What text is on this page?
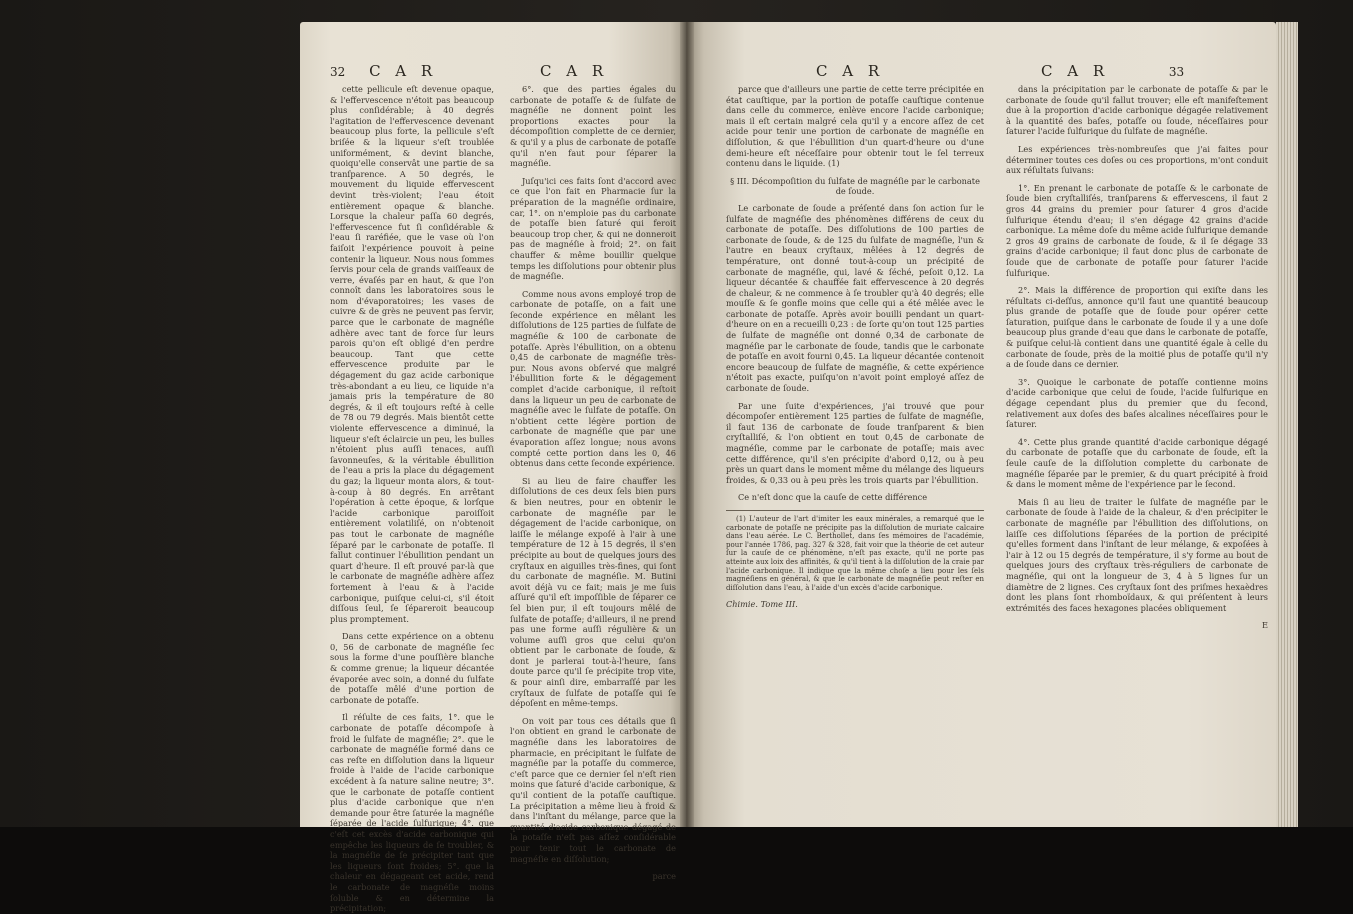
32 C A R	C A R

cette pellicule eſt devenue opaque, & l'effervescence n'étoit pas beaucoup plus conſidérable; à 40 degrés l'agitation de l'effervescence devenant beaucoup plus forte, la pellicule s'eſt briſée & la liqueur s'eſt troublée uniformément, & devint blanche, quoiqu'elle conservât une partie de sa tranſparence. A 50 degrés, le mouvement du liquide effervescent devint très-violent; l'eau étoit entièrement opaque & blanche. Lorsque la chaleur paſſa 60 degrés, l'effervescence fut ſi conſidérable & l'eau ſi raréfiée, que le vase où l'on faiſoit l'expérience pouvoit à peine contenir la liqueur. Nous nous ſommes ſervis pour cela de grands vaiſſeaux de verre, évaſés par en haut, & que l'on connoît dans les laboratoires sous le nom d'évaporatoires; les vases de cuivre & de grès ne peuvent pas ſervir, parce que le carbonate de magnéſie adhère avec tant de force ſur leurs parois qu'on eſt obligé d'en perdre beaucoup. Tant que cette effervescence produite par le dégagement du gaz acide carbonique très-abondant a eu lieu, ce liquide n'a jamais pris la température de 80 degrés, & il eſt toujours reſté à celle de 78 ou 79 degrés. Mais bientôt cette violente effervescence a diminué, la liqueur s'eſt éclaircie un peu, les bulles n'étoient plus auſſi tenaces, auſſi ſavonneuſes, & la véritable ébullition de l'eau a pris la place du dégagement du gaz; la liqueur monta alors, & tout-à-coup à 80 degrés. En arrêtant l'opération à cette époque, & lorſque l'acide carbonique paroiſſoit entièrement volatiliſé, on n'obtenoit pas tout le carbonate de magnéſie ſéparé par le carbonate de potaſſe. Il fallut continuer l'ébullition pendant un quart d'heure. Il eſt prouvé par-là que le carbonate de magnéſie adhère aſſez fortement à l'eau & à l'acide carbonique, puiſque celui-ci, s'il étoit diſſous ſeul, ſe ſépareroit beaucoup plus promptement.

Dans cette expérience on a obtenu 0, 56 de carbonate de magnéſie ſec sous la forme d'une pouſſière blanche & comme grenue; la liqueur décantée évaporée avec soin, a donné du ſulfate de potaſſe mêlé d'une portion de carbonate de potaſſe.

Il réſulte de ces faits, 1°. que le carbonate de potaſſe décompoſe à froid le ſulfate de magnéſie; 2°. que le carbonate de magnéſie formé dans ce cas reſte en diſſolution dans la liqueur froide à l'aide de l'acide carbonique excédent à ſa nature saline neutre; 3°. que le carbonate de potaſſe contient plus d'acide carbonique que n'en demande pour être ſaturée la magnéſie ſéparée de l'acide ſulfurique; 4°. que c'eſt cet excès d'acide carbonique qui empêche les liqueurs de ſe troubler, & la magnéſie de ſe précipiter tant que les liqueurs ſont froides; 5°. que la chaleur en dégageant cet acide, rend le carbonate de magnéſie moins ſoluble & en détermine la précipitation;

6°. que des parties égales du carbonate de potaſſe & de ſulfate de magnéſie ne donnent point les proportions exactes pour la décompoſition complette de ce dernier, & qu'il y a plus de carbonate de potaſſe qu'il n'en faut pour ſéparer la magnéſie.

Juſqu'ici ces faits ſont d'accord avec ce que l'on fait en Pharmacie ſur la préparation de la magnéſie ordinaire, car, 1°. on n'emploie pas du carbonate de potaſſe bien ſaturé qui feroit beaucoup trop cher, & qui ne donneroit pas de magnéſie à froid; 2°. on fait chauffer & même bouillir quelque temps les diſſolutions pour obtenir plus de magnéſie.

Comme nous avons employé trop de carbonate de potaſſe, on a fait une ſeconde expérience en mêlant les diſſolutions de 125 parties de ſulfate de magnéſie & 100 de carbonate de potaſſe. Après l'ébullition, on a obtenu 0,45 de carbonate de magnéſie très-pur. Nous avons obſervé que malgré l'ébullition forte & le dégagement complet d'acide carbonique, il reſtoit dans la liqueur un peu de carbonate de magnéſie avec le ſulfate de potaſſe. On n'obtient cette légère portion de carbonate de magnéſie que par une évaporation aſſez longue; nous avons compté cette portion dans les 0, 46 obtenus dans cette ſeconde expérience.

Si au lieu de faire chauffer les diſſolutions de ces deux ſels bien purs & bien neutres, pour en obtenir le carbonate de magnéſie par le dégagement de l'acide carbonique, on laiſſe le mélange expoſé à l'air à une température de 12 à 15 degrés, il s'en précipite au bout de quelques jours des cryſtaux en aiguilles très-fines, qui ſont du carbonate de magnéſie. M. Butini avoit déjà vu ce fait; mais je me ſuis aſſuré qu'il eſt impoſſible de ſéparer ce ſel bien pur, il eſt toujours mêlé de ſulfate de potaſſe; d'ailleurs, il ne prend pas une forme auſſi régulière & un volume auſſi gros que celui qu'on obtient par le carbonate de ſoude, & dont je parlerai tout-à-l'heure, ſans doute parce qu'il ſe précipite trop vite, & pour ainſi dire, embarraſſé par les cryſtaux de ſulfate de potaſſe qui ſe dépoſent en même-temps.

On voit par tous ces détails que ſi l'on obtient en grand le carbonate de magnéſie dans les laboratoires de pharmacie, en précipitant le ſulfate de magnéſie par la potaſſe du commerce, c'eſt parce que ce dernier ſel n'eſt rien moins que ſaturé d'acide carbonique, & qu'il contient de la potaſſe cauſtique. La précipitation a même lieu à froid & dans l'inſtant du mélange, parce que la quantité d'acide carbonique dégagé de la potaſſe n'eſt pas aſſez conſidérable pour tenir tout le carbonate de magnéſie en diſſolution;

parce

C A R	C A R	33

parce que d'ailleurs une partie de cette terre précipitée en état cauſtique, par la portion de potaſſe cauſtique contenue dans celle du commerce, enlève encore l'acide carbonique; mais il eſt certain malgré cela qu'il y a encore aſſez de cet acide pour tenir une portion de carbonate de magnéſie en diſſolution, & que l'ébullition d'un quart-d'heure ou d'une demi-heure eſt néceſſaire pour obtenir tout le ſel terreux contenu dans le liquide. (1)

§ III. Décompoſition du ſulfate de magnéſie par le carbonate de ſoude.

Le carbonate de ſoude a préſenté dans ſon action ſur le ſulfate de magnéſie des phénomènes différens de ceux du carbonate de potaſſe. Des diſſolutions de 100 parties de carbonate de ſoude, & de 125 du ſulfate de magnéſie, l'un & l'autre en beaux cryſtaux, mêlées à 12 degrés de température, ont donné tout-à-coup un précipité de carbonate de magnéſie, qui, lavé & ſéché, peſoit 0,12. La liqueur décantée & chauffée fait effervescence à 20 degrés de chaleur, & ne commence à ſe troubler qu'à 40 degrés; elle mouſſe & ſe gonfle moins que celle qui a été mêlée avec le carbonate de potaſſe. Après avoir bouilli pendant un quart-d'heure on en a recueilli 0,23 : de ſorte qu'on tout 125 parties de ſulfate de magnéſie ont donné 0,34 de carbonate de magnéſie par le carbonate de ſoude, tandis que le carbonate de potaſſe en avoit fourni 0,45. La liqueur décantée contenoit encore beaucoup de ſulfate de magnéſie, & cette expérience n'étoit pas exacte, puiſqu'on n'avoit point employé aſſez de carbonate de ſoude.

Par une ſuite d'expériences, j'ai trouvé que pour décompoſer entièrement 125 parties de ſulfate de magnéſie, il faut 136 de carbonate de ſoude tranſparent & bien cryſtalliſé, & l'on obtient en tout 0,45 de carbonate de magnéſie, comme par le carbonate de potaſſe; mais avec cette différence, qu'il s'en précipite d'abord 0,12, ou à peu près un quart dans le moment même du mélange des liqueurs froides, & 0,33 ou à peu près les trois quarts par l'ébullition.

Ce n'eſt donc que la cauſe de cette différence

(1) L'auteur de l'art d'imiter les eaux minérales, a remarqué que le carbonate de potaſſe ne précipite pas la diſſolution de muriate calcaire dans l'eau aérée. Le C. Berthollet, dans ſes mémoires de l'académie, pour l'année 1786, pag. 327 & 328, fait voir que la théorie de cet auteur ſur la cauſe de ce phénomène, n'eſt pas exacte, qu'il ne porte pas atteinte aux loix des affinités, & qu'il tient à la diſſolution de la craie par l'acide carbonique. Il indique que la même choſe a lieu pour les ſels magnéſiens en général, & que le carbonate de magnéſie peut reſter en diſſolution dans l'eau, à l'aide d'un excès d'acide carbonique.

Chimie. Tome III.

dans la précipitation par le carbonate de potaſſe & par le carbonate de ſoude qu'il fallut trouver; elle eſt manifeſtement due à la proportion d'acide carbonique dégagée relativement à la quantité des baſes, potaſſe ou ſoude, néceſſaires pour ſaturer l'acide ſulfurique du ſulfate de magnéſie.

Les expériences très-nombreuſes que j'ai faites pour déterminer toutes ces doſes ou ces proportions, m'ont conduit aux réſultats ſuivans:

1°. En prenant le carbonate de potaſſe & le carbonate de ſoude bien cryſtalliſés, tranſparens & effervescens, il faut 2 gros 44 grains du premier pour ſaturer 4 gros d'acide ſulfurique étendu d'eau; il s'en dégage 42 grains d'acide carbonique. La même doſe du même acide ſulfurique demande 2 gros 49 grains de carbonate de ſoude, & il ſe dégage 33 grains d'acide carbonique; il faut donc plus de carbonate de ſoude que de carbonate de potaſſe pour ſaturer l'acide ſulfurique.

2°. Mais la différence de proportion qui exiſte dans les réſultats ci-deſſus, annonce qu'il faut une quantité beaucoup plus grande de potaſſe que de ſoude pour opérer cette ſaturation, puiſque dans le carbonate de ſoude il y a une doſe beaucoup plus grande d'eau que dans le carbonate de potaſſe, & puiſque celui-là contient dans une quantité égale à celle du carbonate de ſoude, près de la moitié plus de potaſſe qu'il n'y a de ſoude dans ce dernier.

3°. Quoique le carbonate de potaſſe contienne moins d'acide carbonique que celui de ſoude, l'acide ſulfurique en dégage cependant plus du premier que du ſecond, relativement aux doſes des baſes alcalines néceſſaires pour le ſaturer.

4°. Cette plus grande quantité d'acide carbonique dégagé du carbonate de potaſſe que du carbonate de ſoude, eſt la ſeule cauſe de la diſſolution complette du carbonate de magnéſie ſéparée par le premier, & du quart précipité à froid & dans le moment même de l'expérience par le ſecond.

Mais ſi au lieu de traiter le ſulfate de magnéſie par le carbonate de ſoude à l'aide de la chaleur, & d'en précipiter le carbonate de magnéſie par l'ébullition des diſſolutions, on laiſſe ces diſſolutions ſéparées de la portion de précipité qu'elles forment dans l'inſtant de leur mélange, & expoſées à l'air à 12 ou 15 degrés de température, il s'y forme au bout de quelques jours des cryſtaux très-réguliers de carbonate de magnéſie, qui ont la longueur de 3, 4 à 5 lignes ſur un diamètre de 2 lignes. Ces cryſtaux ſont des priſmes hexaèdres dont les plans ſont rhomboïdaux, & qui préſentent à leurs extrémités des faces hexagones placées obliquement

E
